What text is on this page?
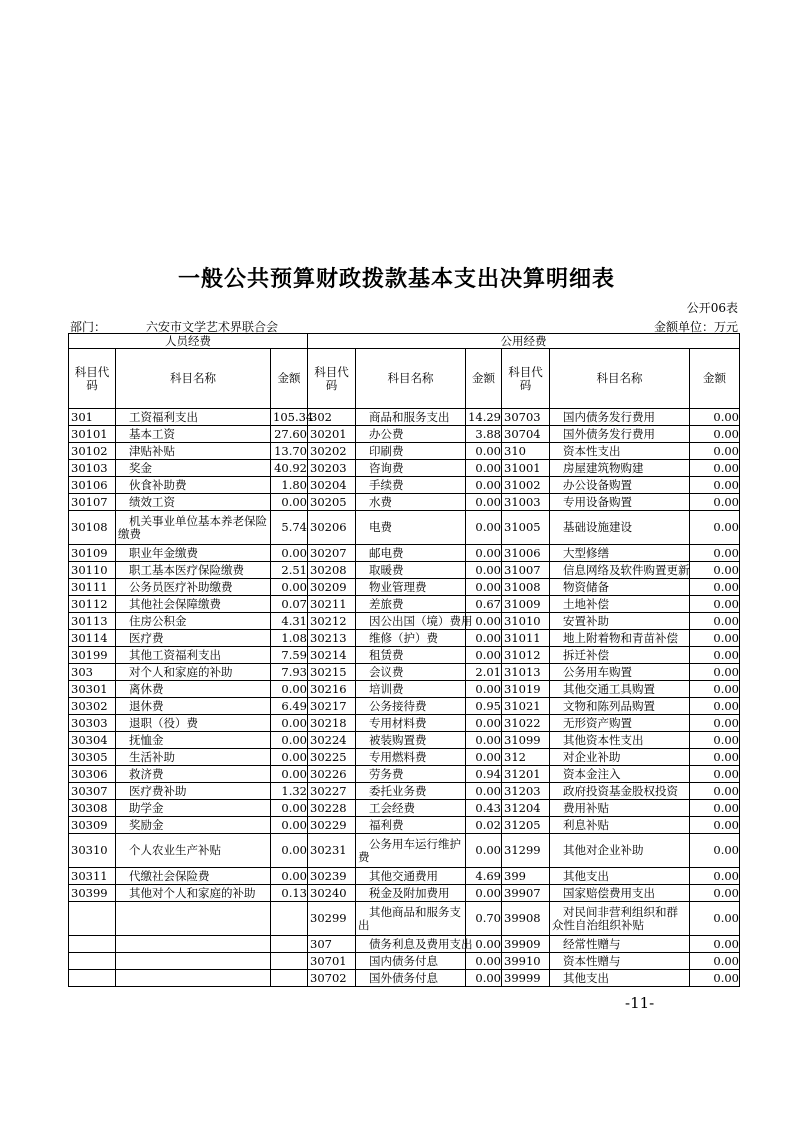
一般公共预算财政拨款基本支出决算明细表
公开06表
部门：	六安市文学艺术界联合会	金额单位：万元
人员经费			公用经费					
科目代码	科目名称	金额	科目代码	科目名称	金额	科目代码	科目名称	金额
301	工资福利支出	105.34	302	商品和服务支出	14.29	30703	国内债务发行费用	0.00
30101	基本工资	27.60	30201	办公费	3.88	30704	国外债务发行费用	0.00
30102	津贴补贴	13.70	30202	印刷费	0.00	310	资本性支出	0.00
30103	奖金	40.92	30203	咨询费	0.00	31001	房屋建筑物购建	0.00
30106	伙食补助费	1.80	30204	手续费	0.00	31002	办公设备购置	0.00
30107	绩效工资	0.00	30205	水费	0.00	31003	专用设备购置	0.00
30108	机关事业单位基本养老保险缴费	5.74	30206	电费	0.00	31005	基础设施建设	0.00
30109	职业年金缴费	0.00	30207	邮电费	0.00	31006	大型修缮	0.00
30110	职工基本医疗保险缴费	2.51	30208	取暖费	0.00	31007	信息网络及软件购置更新	0.00
30111	公务员医疗补助缴费	0.00	30209	物业管理费	0.00	31008	物资储备	0.00
30112	其他社会保障缴费	0.07	30211	差旅费	0.67	31009	土地补偿	0.00
30113	住房公积金	4.31	30212	因公出国（境）费用	0.00	31010	安置补助	0.00
30114	医疗费	1.08	30213	维修（护）费	0.00	31011	地上附着物和青苗补偿	0.00
30199	其他工资福利支出	7.59	30214	租赁费	0.00	31012	拆迁补偿	0.00
303	对个人和家庭的补助	7.93	30215	会议费	2.01	31013	公务用车购置	0.00
30301	离休费	0.00	30216	培训费	0.00	31019	其他交通工具购置	0.00
30302	退休费	6.49	30217	公务接待费	0.95	31021	文物和陈列品购置	0.00
30303	退职（役）费	0.00	30218	专用材料费	0.00	31022	无形资产购置	0.00
30304	抚恤金	0.00	30224	被装购置费	0.00	31099	其他资本性支出	0.00
30305	生活补助	0.00	30225	专用燃料费	0.00	312	对企业补助	0.00
30306	救济费	0.00	30226	劳务费	0.94	31201	资本金注入	0.00
30307	医疗费补助	1.32	30227	委托业务费	0.00	31203	政府投资基金股权投资	0.00
30308	助学金	0.00	30228	工会经费	0.43	31204	费用补贴	0.00
30309	奖励金	0.00	30229	福利费	0.02	31205	利息补贴	0.00
30310	个人农业生产补贴	0.00	30231	公务用车运行维护费	0.00	31299	其他对企业补助	0.00
30311	代缴社会保险费	0.00	30239	其他交通费用	4.69	399	其他支出	0.00
30399	其他对个人和家庭的补助	0.13	30240	税金及附加费用	0.00	39907	国家赔偿费用支出	0.00
			30299	其他商品和服务支出	0.70	39908	对民间非营利组织和群众性自治组织补贴	0.00
			307	债务利息及费用支出	0.00	39909	经常性赠与	0.00
			30701	国内债务付息	0.00	39910	资本性赠与	0.00
			30702	国外债务付息	0.00	39999	其他支出	0.00
-11-
